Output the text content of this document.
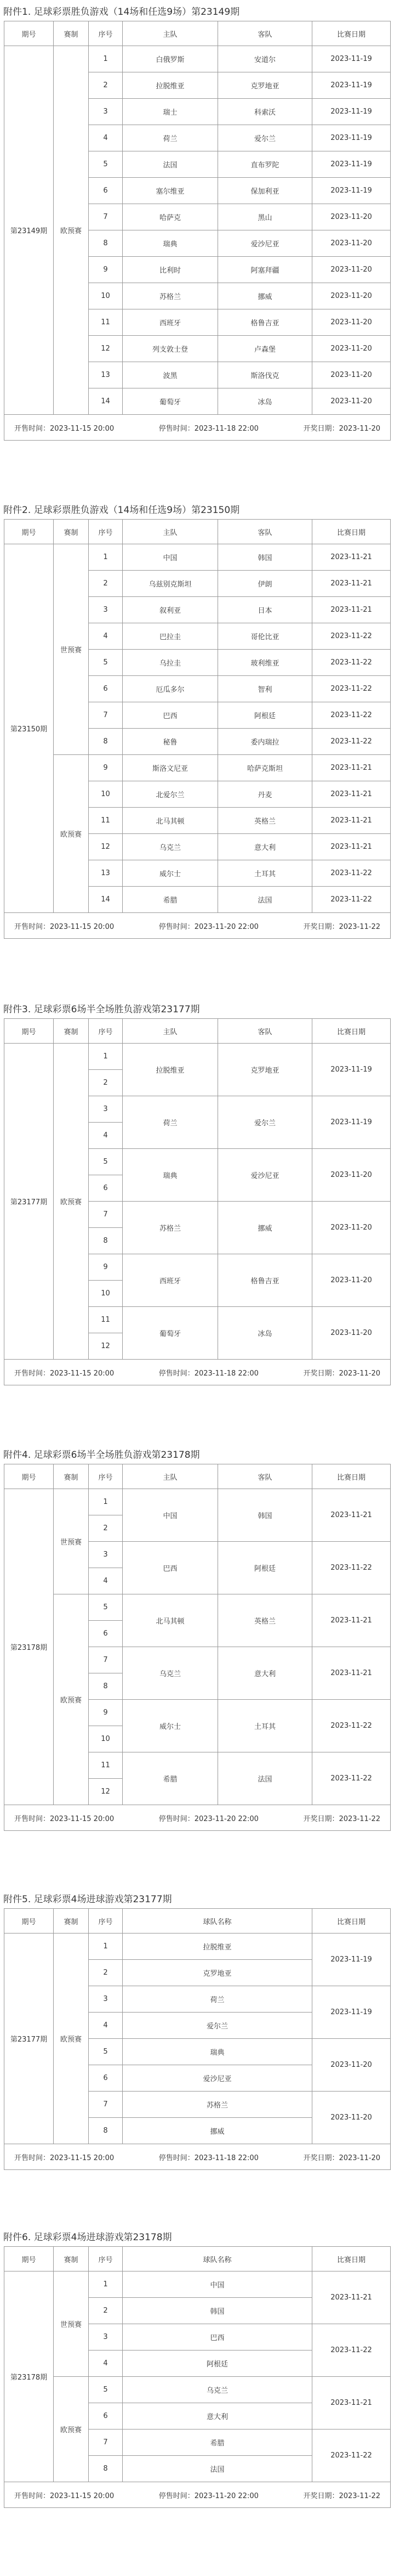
附件1. 足球彩票胜负游戏（14场和任选9场）第23149期
期号	赛制	序号	主队	客队	比赛日期
第23149期	欧预赛	1	白俄罗斯	安道尔	2023-11-19
		2	拉脱维亚	克罗地亚	2023-11-19
		3	瑞士	科索沃	2023-11-19
		4	荷兰	爱尔兰	2023-11-19
		5	法国	直布罗陀	2023-11-19
		6	塞尔维亚	保加利亚	2023-11-19
		7	哈萨克	黑山	2023-11-20
		8	瑞典	爱沙尼亚	2023-11-20
		9	比利时	阿塞拜疆	2023-11-20
		10	苏格兰	挪威	2023-11-20
		11	西班牙	格鲁吉亚	2023-11-20
		12	列支敦士登	卢森堡	2023-11-20
		13	波黑	斯洛伐克	2023-11-20
		14	葡萄牙	冰岛	2023-11-20

开售时间：2023-11-15 20:00 停售时间：2023-11-18 22:00 开奖日期：2023-11-20					
附件2. 足球彩票胜负游戏（14场和任选9场）第23150期
期号	赛制	序号	主队	客队	比赛日期
第23150期	世预赛	1	中国	韩国	2023-11-21
		2	乌兹别克斯坦	伊朗	2023-11-21
		3	叙利亚	日本	2023-11-21
		4	巴拉圭	哥伦比亚	2023-11-22
		5	乌拉圭	玻利维亚	2023-11-22
		6	厄瓜多尔	智利	2023-11-22
		7	巴西	阿根廷	2023-11-22
		8	秘鲁	委内瑞拉	2023-11-22
	欧预赛	9	斯洛文尼亚	哈萨克斯坦	2023-11-21
		10	北爱尔兰	丹麦	2023-11-21
		11	北马其顿	英格兰	2023-11-21
		12	乌克兰	意大利	2023-11-21
		13	威尔士	土耳其	2023-11-22
		14	希腊	法国	2023-11-22

开售时间：2023-11-15 20:00 停售时间：2023-11-20 22:00 开奖日期：2023-11-22					
附件3. 足球彩票6场半全场胜负游戏第23177期
期号	赛制	序号	主队	客队	比赛日期
第23177期	欧预赛	1	拉脱维亚	克罗地亚	2023-11-19
		2			
		3	荷兰	爱尔兰	2023-11-19
		4			
		5	瑞典	爱沙尼亚	2023-11-20
		6			
		7	苏格兰	挪威	2023-11-20
		8			
		9	西班牙	格鲁吉亚	2023-11-20
		10			
		11	葡萄牙	冰岛	2023-11-20
		12			

开售时间：2023-11-15 20:00 停售时间：2023-11-18 22:00 开奖日期：2023-11-20					
附件4. 足球彩票6场半全场胜负游戏第23178期
期号	赛制	序号	主队	客队	比赛日期
第23178期	世预赛	1	中国	韩国	2023-11-21
		2			
		3	巴西	阿根廷	2023-11-22
		4			
	欧预赛	5	北马其顿	英格兰	2023-11-21
		6			
		7	乌克兰	意大利	2023-11-21
		8			
		9	威尔士	土耳其	2023-11-22
		10			
		11	希腊	法国	2023-11-22
		12			

开售时间：2023-11-15 20:00 停售时间：2023-11-20 22:00 开奖日期：2023-11-22					
附件5. 足球彩票4场进球游戏第23177期
期号	赛制	序号	球队名称	比赛日期
第23177期	欧预赛	1	拉脱维亚	2023-11-19
		2	克罗地亚	
		3	荷兰	2023-11-19
		4	爱尔兰	
		5	瑞典	2023-11-20
		6	爱沙尼亚	
		7	苏格兰	2023-11-20
		8	挪威	

开售时间：2023-11-15 20:00 停售时间：2023-11-18 22:00 开奖日期：2023-11-20				
附件6. 足球彩票4场进球游戏第23178期
期号	赛制	序号	球队名称	比赛日期
第23178期	世预赛	1	中国	2023-11-21
		2	韩国	
		3	巴西	2023-11-22
		4	阿根廷	
	欧预赛	5	乌克兰	2023-11-21
		6	意大利	
		7	希腊	2023-11-22
		8	法国	

开售时间：2023-11-15 20:00 停售时间：2023-11-20 22:00 开奖日期：2023-11-22				
